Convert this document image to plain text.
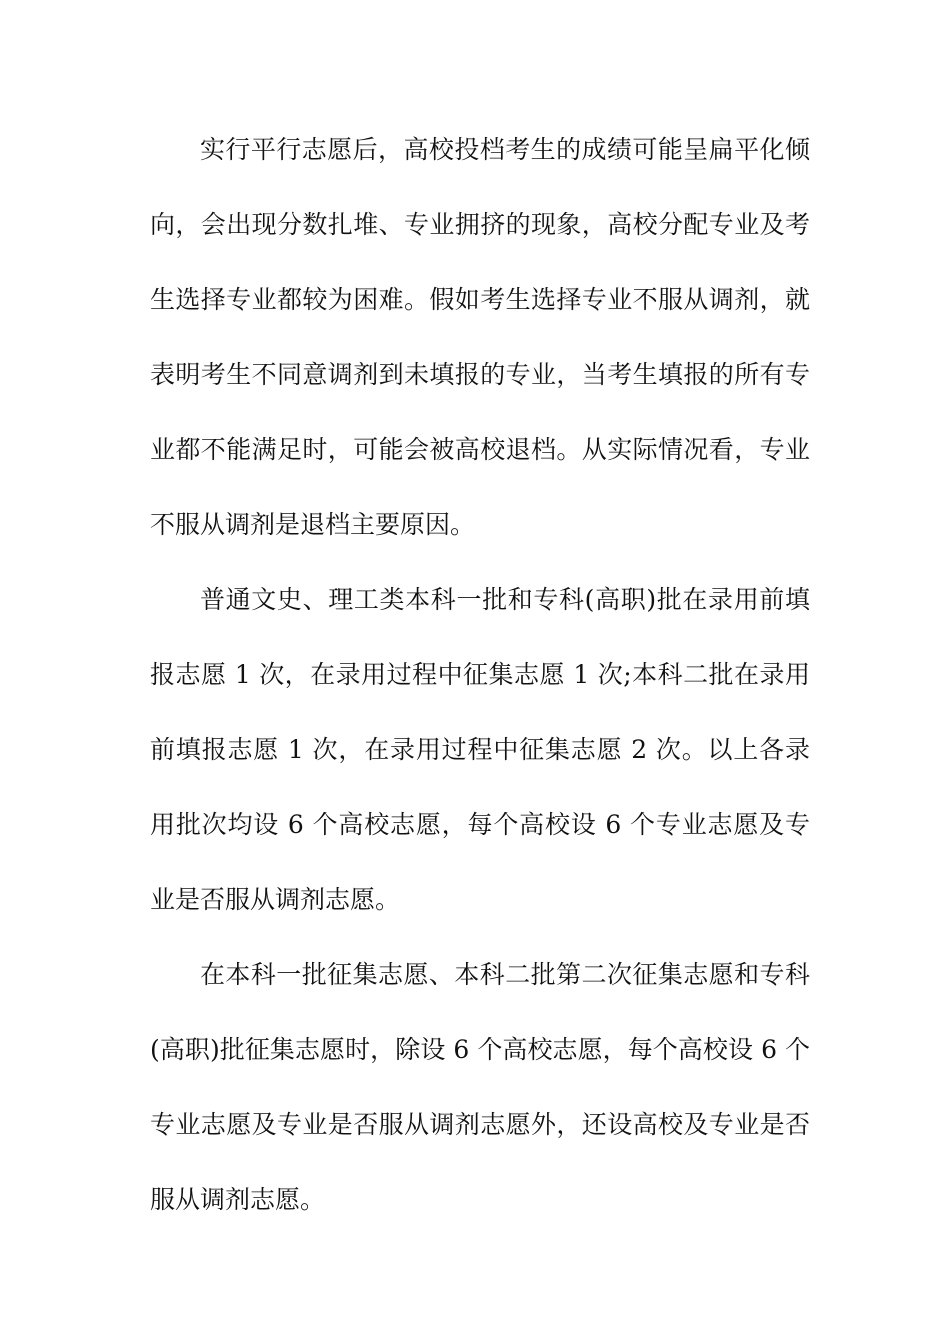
实行平行志愿后，高校投档考生的成绩可能呈扁平化倾向，会出现分数扎堆、专业拥挤的现象，高校分配专业及考生选择专业都较为困难。假如考生选择专业不服从调剂，就表明考生不同意调剂到未填报的专业，当考生填报的所有专业都不能满足时，可能会被高校退档。从实际情况看，专业不服从调剂是退档主要原因。

普通文史、理工类本科一批和专科(高职)批在录用前填报志愿 1 次，在录用过程中征集志愿 1 次;本科二批在录用前填报志愿 1 次，在录用过程中征集志愿 2 次。以上各录用批次均设 6 个高校志愿，每个高校设 6 个专业志愿及专业是否服从调剂志愿。

在本科一批征集志愿、本科二批第二次征集志愿和专科(高职)批征集志愿时，除设 6 个高校志愿，每个高校设 6 个专业志愿及专业是否服从调剂志愿外，还设高校及专业是否服从调剂志愿。
